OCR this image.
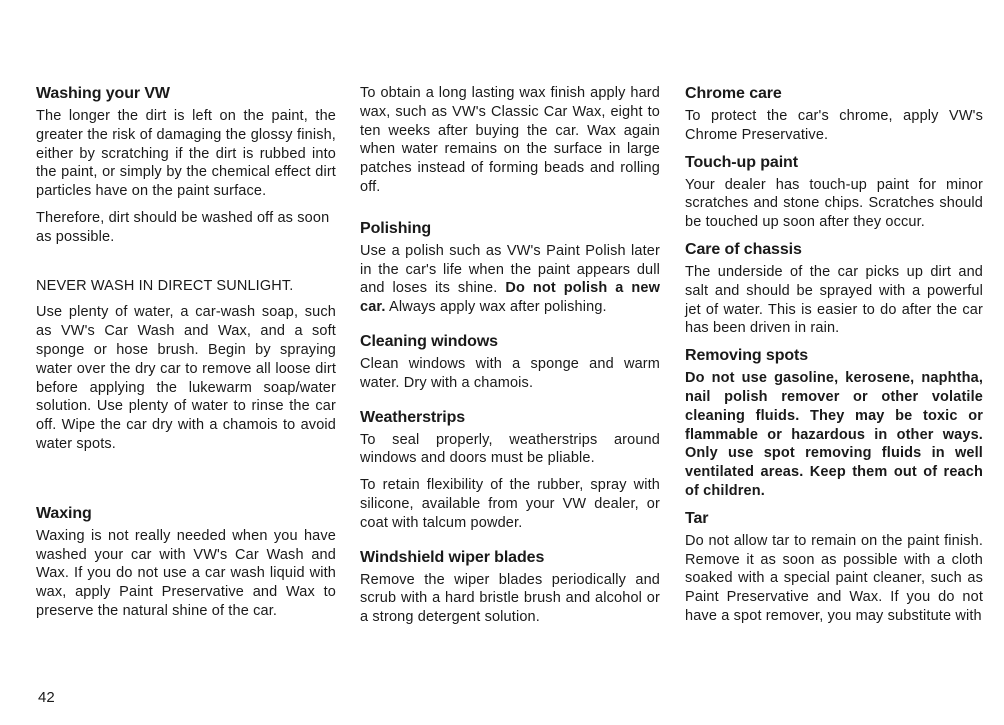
Washing your VW

The longer the dirt is left on the paint, the greater the risk of damaging the glossy finish, either by scratching if the dirt is rubbed into the paint, or simply by the chemical effect dirt particles have on the paint surface.

Therefore, dirt should be washed off as soon as possible.

NEVER WASH IN DIRECT SUNLIGHT.

Use plenty of water, a car-wash soap, such as VW's Car Wash and Wax, and a soft sponge or hose brush. Begin by spraying water over the dry car to remove all loose dirt before applying the lukewarm soap/water solution. Use plenty of water to rinse the car off. Wipe the car dry with a chamois to avoid water spots.

Waxing

Waxing is not really needed when you have washed your car with VW's Car Wash and Wax. If you do not use a car wash liquid with wax, apply Paint Preservative and Wax to preserve the natural shine of the car.

To obtain a long lasting wax finish apply hard wax, such as VW's Classic Car Wax, eight to ten weeks after buying the car. Wax again when water remains on the surface in large patches instead of forming beads and rolling off.

Polishing

Use a polish such as VW's Paint Polish later in the car's life when the paint appears dull and loses its shine. Do not polish a new car. Always apply wax after polishing.

Cleaning windows

Clean windows with a sponge and warm water. Dry with a chamois.

Weatherstrips

To seal properly, weatherstrips around windows and doors must be pliable.

To retain flexibility of the rubber, spray with silicone, available from your VW dealer, or coat with talcum powder.

Windshield wiper blades

Remove the wiper blades periodically and scrub with a hard bristle brush and alcohol or a strong detergent solution.

Chrome care

To protect the car's chrome, apply VW's Chrome Preservative.

Touch-up paint

Your dealer has touch-up paint for minor scratches and stone chips. Scratches should be touched up soon after they occur.

Care of chassis

The underside of the car picks up dirt and salt and should be sprayed with a powerful jet of water. This is easier to do after the car has been driven in rain.

Removing spots

Do not use gasoline, kerosene, naphtha, nail polish remover or other volatile cleaning fluids. They may be toxic or flammable or hazardous in other ways. Only use spot removing fluids in well ventilated areas. Keep them out of reach of children.

Tar

Do not allow tar to remain on the paint finish. Remove it as soon as possible with a cloth soaked with a special paint cleaner, such as Paint Preservative and Wax. If you do not have a spot remover, you may substitute with

42
